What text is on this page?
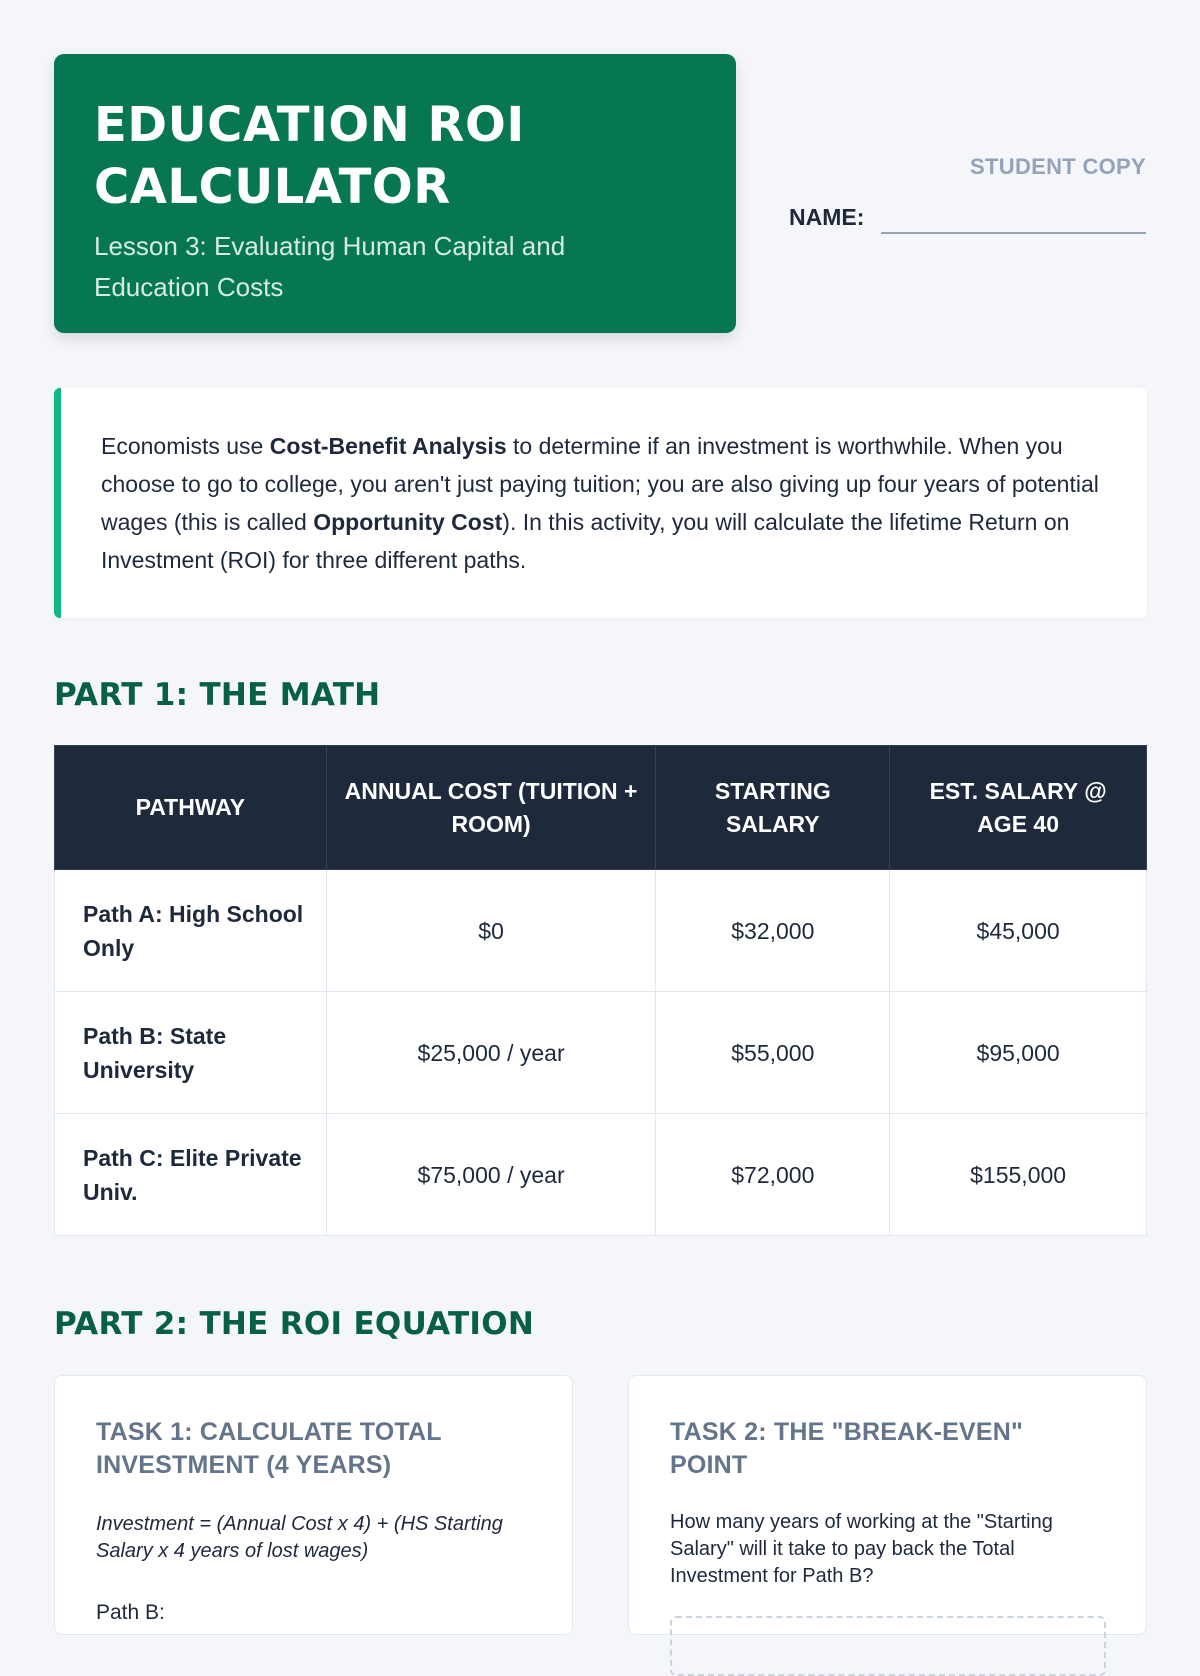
EDUCATION ROI CALCULATOR
Lesson 3: Evaluating Human Capital and Education Costs
STUDENT COPY
NAME:
Economists use Cost-Benefit Analysis to determine if an investment is worthwhile. When you choose to go to college, you aren't just paying tuition; you are also giving up four years of potential wages (this is called Opportunity Cost). In this activity, you will calculate the lifetime Return on Investment (ROI) for three different paths.
PART 1: THE MATH
PATHWAY	ANNUAL COST (TUITION + ROOM)	STARTING SALARY	EST. SALARY @ AGE 40
Path A: High School Only	$0	$32,000	$45,000
Path B: State University	$25,000 / year	$55,000	$95,000
Path C: Elite Private Univ.	$75,000 / year	$72,000	$155,000
PART 2: THE ROI EQUATION
TASK 1: CALCULATE TOTAL INVESTMENT (4 YEARS)
Investment = (Annual Cost x 4) + (HS Starting Salary x 4 years of lost wages)
Path B:
TASK 2: THE "BREAK-EVEN" POINT
How many years of working at the "Starting Salary" will it take to pay back the Total Investment for Path B?
